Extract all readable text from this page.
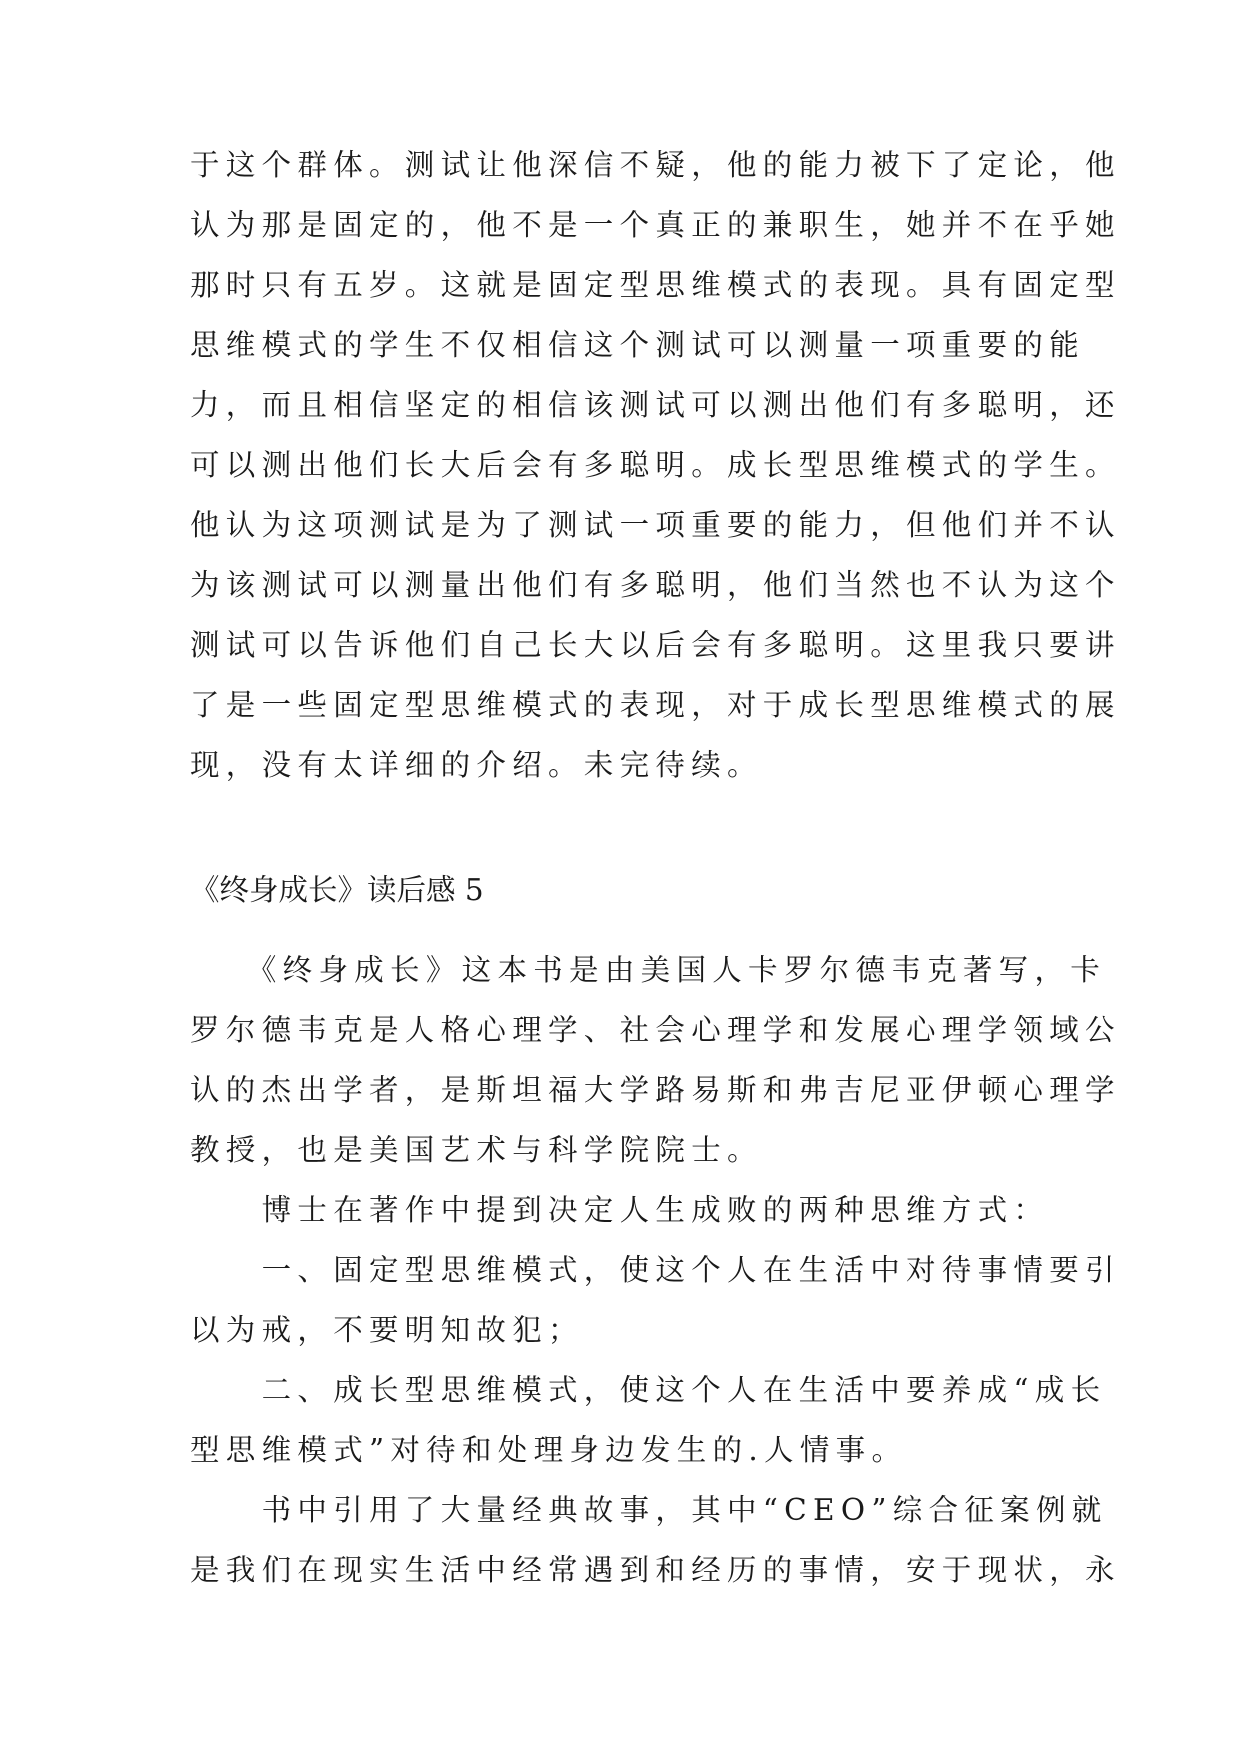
于这个群体。测试让他深信不疑，他的能力被下了定论，他
认为那是固定的，他不是一个真正的兼职生，她并不在乎她
那时只有五岁。这就是固定型思维模式的表现。具有固定型
思维模式的学生不仅相信这个测试可以测量一项重要的能
力，而且相信坚定的相信该测试可以测出他们有多聪明，还
可以测出他们长大后会有多聪明。成长型思维模式的学生。
他认为这项测试是为了测试一项重要的能力，但他们并不认
为该测试可以测量出他们有多聪明，他们当然也不认为这个
测试可以告诉他们自己长大以后会有多聪明。这里我只要讲
了是一些固定型思维模式的表现，对于成长型思维模式的展
现，没有太详细的介绍。未完待续。
《终身成长》读后感 5
　　《终身成长》这本书是由美国人卡罗尔德韦克著写，卡
罗尔德韦克是人格心理学、社会心理学和发展心理学领域公
认的杰出学者，是斯坦福大学路易斯和弗吉尼亚伊顿心理学
教授，也是美国艺术与科学院院士。
　　博士在著作中提到决定人生成败的两种思维方式：
　　一、固定型思维模式，使这个人在生活中对待事情要引
以为戒，不要明知故犯；
　　二、成长型思维模式，使这个人在生活中要养成“成长
型思维模式”对待和处理身边发生的.人情事。
　　书中引用了大量经典故事，其中“CEO”综合征案例就
是我们在现实生活中经常遇到和经历的事情，安于现状，永
